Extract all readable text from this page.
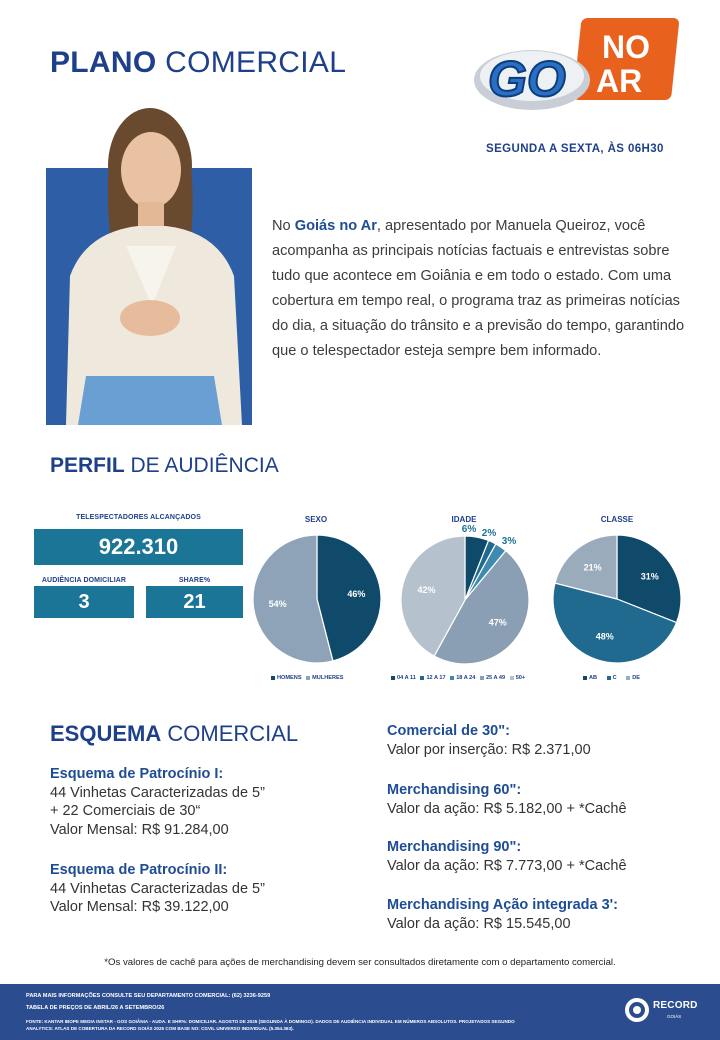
PLANO COMERCIAL	GO
NO
AR
SEGUNDA A SEXTA, ÀS 06H30
No Goiás no Ar, apresentado por Manuela Queiroz, você acompanha as principais notícias factuais e entrevistas sobre tudo que acontece em Goiânia e em todo o estado. Com uma cobertura em tempo real, o programa traz as primeiras notícias do dia, a situação do trânsito e a previsão do tempo, garantindo que o telespectador esteja sempre bem informado.
PERFIL DE AUDIÊNCIA
TELESPECTADORES ALCANÇADOS
922.310
AUDIÊNCIA DOMICILIAR
3
SHARE%
21
SEXO
46%
54%
HOMENS MULHERES
IDADE
6% 2%
3%
47%
42%
04 A 11 12 A 17 18 A 24 25 A 49 50+
CLASSE
31%
48%
21%
AB	C	DE
ESQUEMA COMERCIAL
Esquema de Patrocínio I:
44 Vinhetas Caracterizadas de 5”
+ 22 Comerciais de 30“
Valor Mensal: R$ 91.284,00
Esquema de Patrocínio II:
44 Vinhetas Caracterizadas de 5”
Valor Mensal: R$ 39.122,00
Comercial de 30":
Valor por inserção: R$ 2.371,00
Merchandising 60":
Valor da ação: R$ 5.182,00 + *Cachê
Merchandising 90":
Valor da ação: R$ 7.773,00 + *Cachê
Merchandising Ação integrada 3':
Valor da ação: R$ 15.545,00
*Os valores de cachê para ações de merchandising devem ser consultados diretamente com o departamento comercial.
PARA MAIS INFORMAÇÕES CONSULTE SEU DEPARTAMENTO COMERCIAL: (62) 3236-9259
TABELA DE PREÇOS DE ABRIL/26 A SETEMBRO/26
FONTE: KANTAR IBOPE MEDIA INSTAR - GOS GOIÂNIA - AUDA. E SHR%: DOMICILIAR. AGOSTO DE 2025 (SEGUNDA À DOMINGO). DADOS DE AUDIÊNCIA INDIVIDUAL EM NÚMEROS ABSOLUTOS. PROJETADOS SEGUNDO ANALYTICS: ATLAS DE COBERTURA DA RECORD GOIÁS 2025 COM BASE NO: CGVIL UNIVERSO INDIVIDUAL (5.354.363).
RECORD
GOIÁS
